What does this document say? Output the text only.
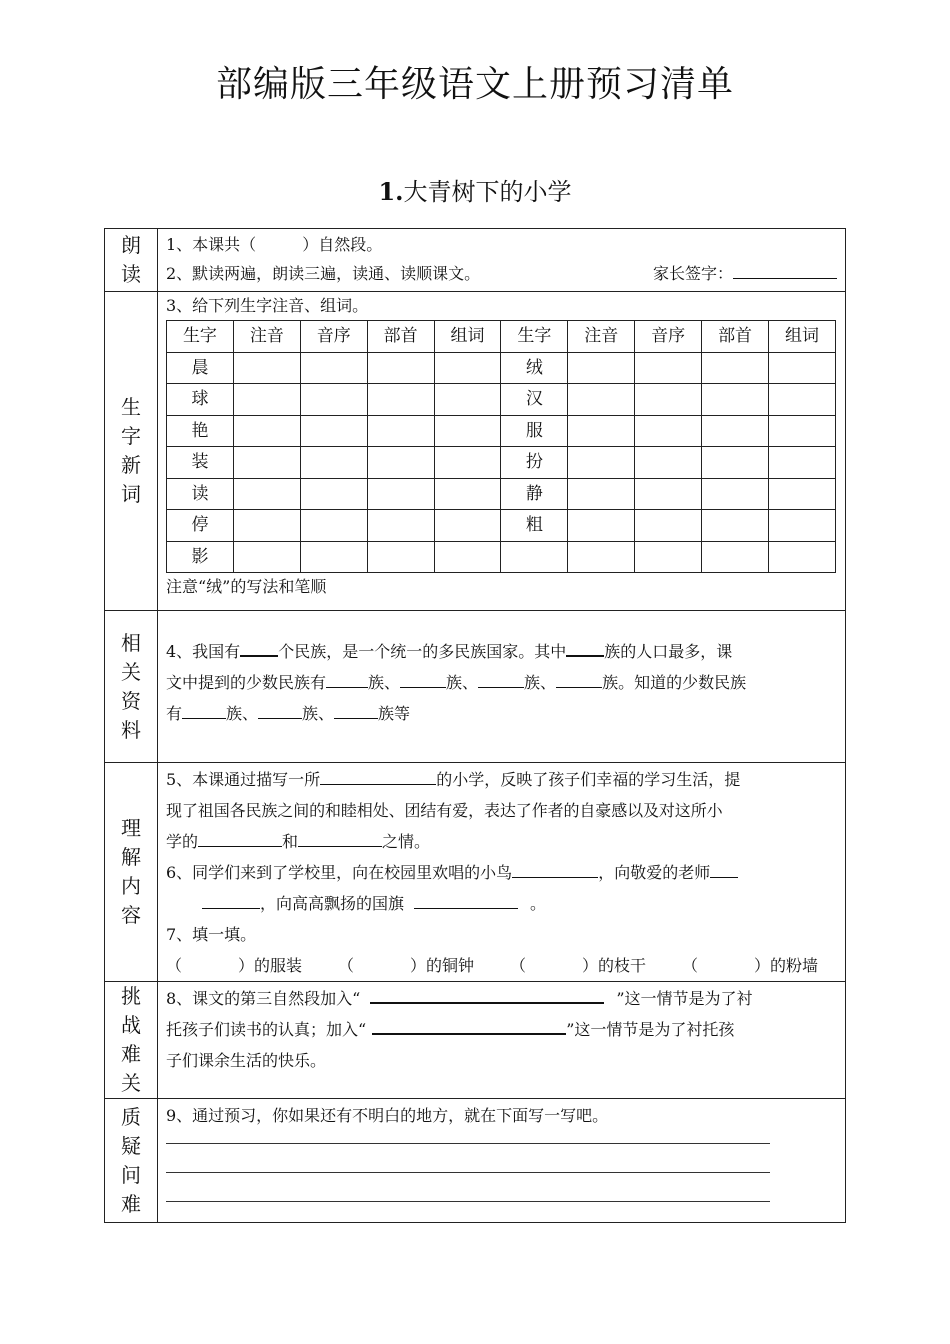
部编版三年级语文上册预习清单
1.大青树下的小学
朗读	
1、本课共（	）自然段。
2、默读两遍，朗读三遍，读通、读顺课文。	家长签字：

生字新词	
3、给下列生字注音、组词。
生字	注音	音序	部首	组词	生字	注音	音序	部首	组词
晨					绒				
球					汉				
艳					服				
装					扮				
读					静				
停					粗				
影									
注意“绒”的写法和笔顺

相关资料	
4、我国有 个民族，是一个统一的多民族国家。其中 族的人口最多，课
文中提到的少数民族有	族、	族、	族、	族。知道的少数民族
有	族、	族、	族等

理解内容	
5、本课通过描写一所	的小学，反映了孩子们幸福的学习生活，提
现了祖国各民族之间的和睦相处、团结有爱，表达了作者的自豪感以及对这所小
学的	和	之情。
6、同学们来到了学校里，向在校园里欢唱的小鸟	，向敬爱的老师
，向高高飘扬的国旗	。
7、填一填。
（	）的服装 （	）的铜钟 （	）的枝干 （	）的粉墙

挑战难关	
8、课文的第三自然段加入“	”这一情节是为了衬
托孩子们读书的认真；加入“	”这一情节是为了衬托孩
子们课余生活的快乐。

质疑问难	
9、通过预习，你如果还有不明白的地方，就在下面写一写吧。
